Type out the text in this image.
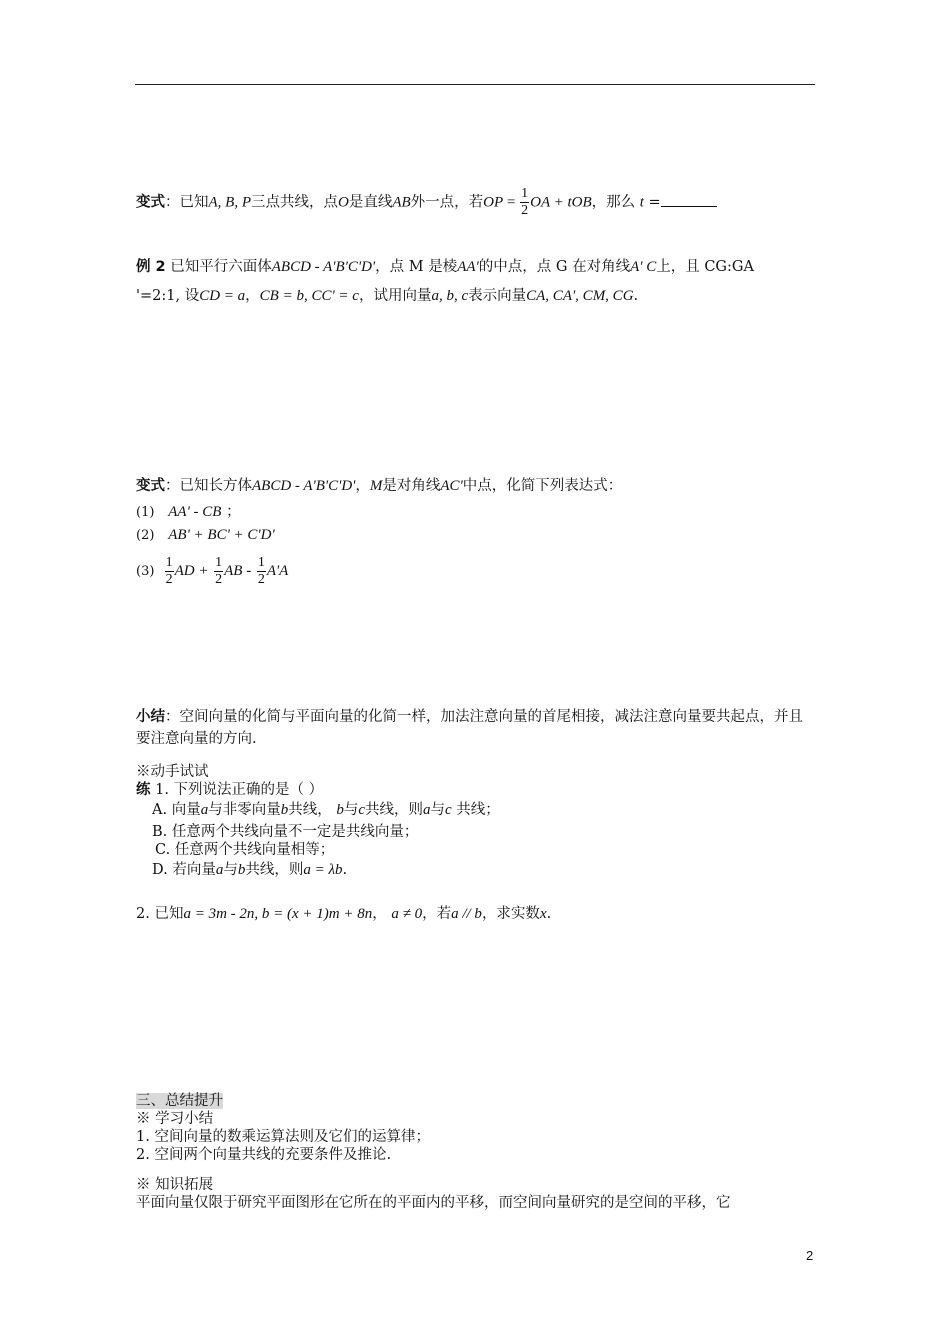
变式：已知A, B, P三点共线，点O是直线AB外一点，若OP = $\frac{1}{2}$ OA + tOB，那么 t =
例 2 已知平行六面体ABCD - A'B'C'D'，点 M 是棱AA'的中点，点 G 在对角线A' C上，且 CG:GA
'=2:1, 设CD = a，CB = b, CC' = c，试用向量a, b, c表示向量CA, CA', CM, CG.
变式：已知长方体ABCD - A'B'C'D'，M是对角线AC'中点，化简下列表达式：
(1) AA' - CB ；
(2) AB' + BC' + C'D'
$(3) \frac{1}{2}$ AD + $\frac{1}{2}$ AB - $\frac{1}{2} A'A$
小结：空间向量的化简与平面向量的化简一样，加法注意向量的首尾相接，减法注意向量要共起点，并且要注意向量的方向.
※动手试试
练 1. 下列说法正确的是（ ）
A. 向量a与非零向量b共线， b与c共线，则a与c 共线；
B. 任意两个共线向量不一定是共线向量；
C. 任意两个共线向量相等；
D. 若向量a与b共线，则a = λb.
2. 已知a = 3m - 2n, b = (x + 1)m + 8n， a ≠ 0，若a // b，求实数x.
三、总结提升
※ 学习小结
1. 空间向量的数乘运算法则及它们的运算律；
2. 空间两个向量共线的充要条件及推论.
※ 知识拓展
平面向量仅限于研究平面图形在它所在的平面内的平移，而空间向量研究的是空间的平移，它
2
